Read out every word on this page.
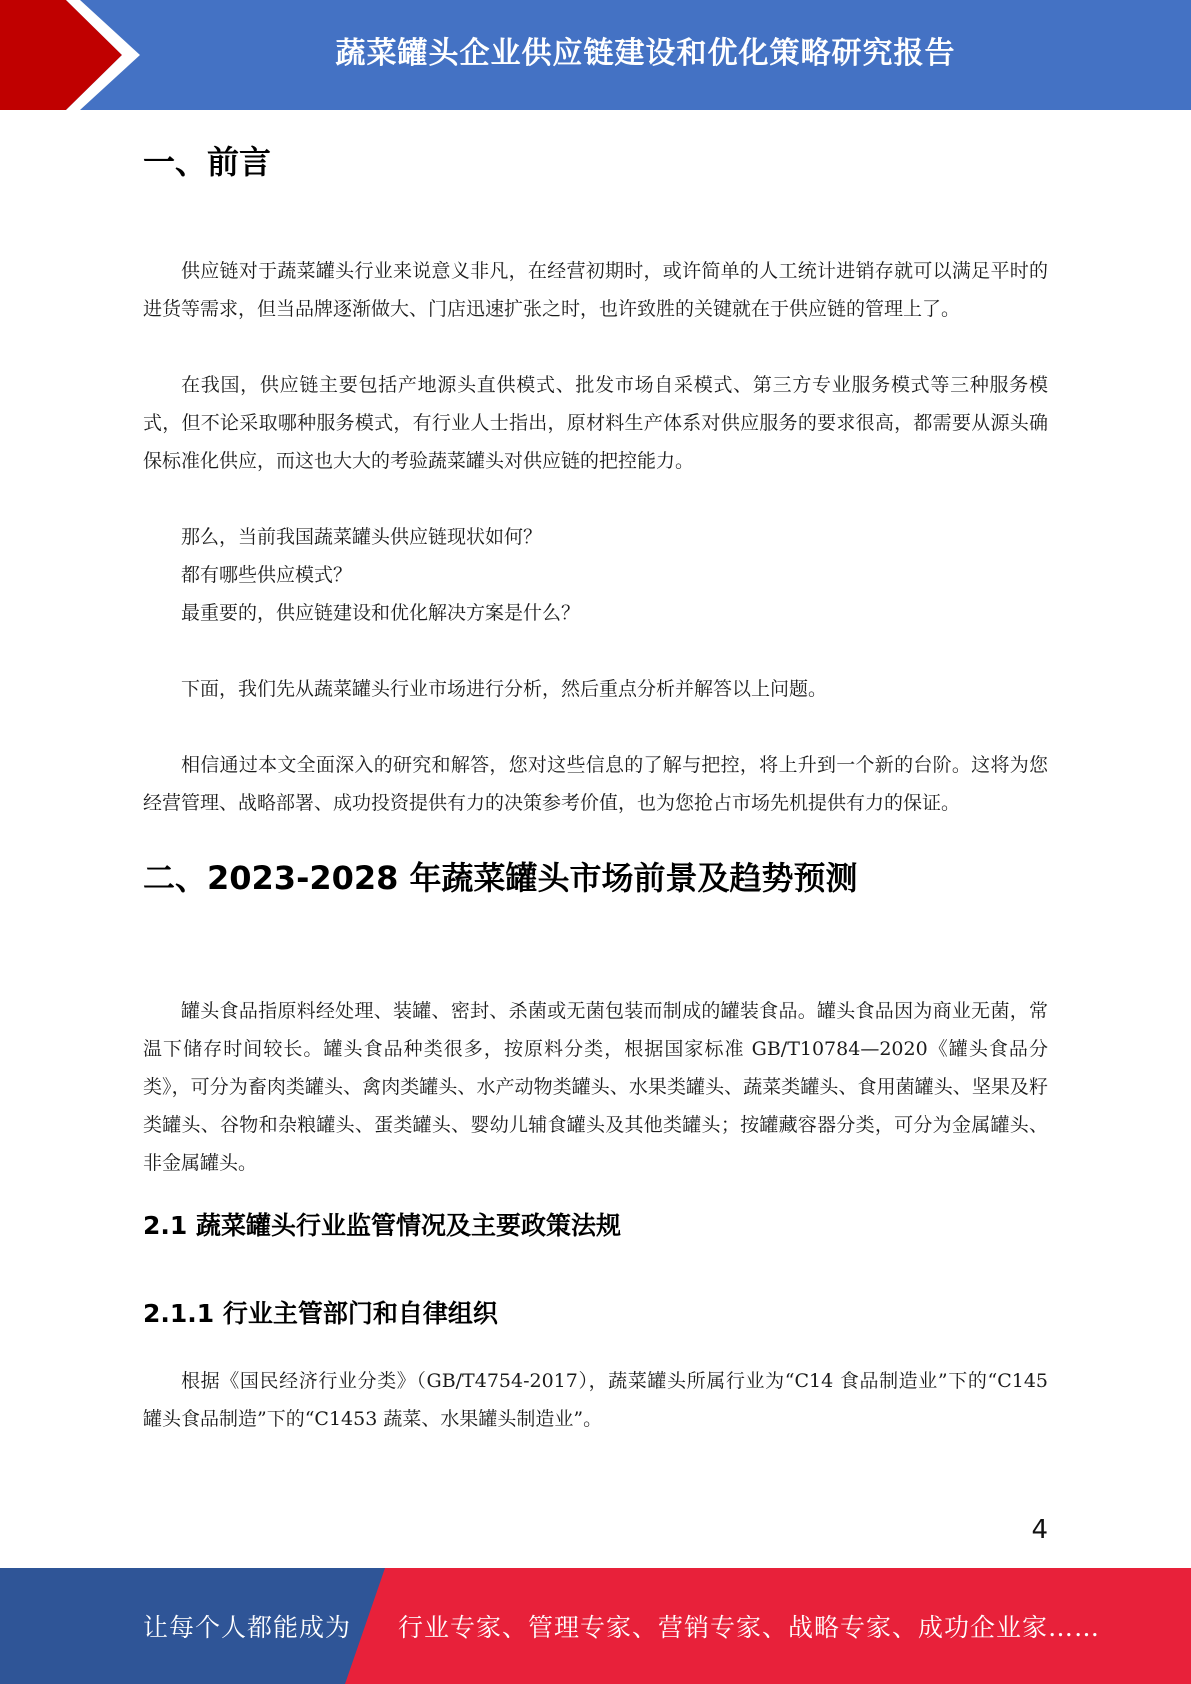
蔬菜罐头企业供应链建设和优化策略研究报告
一、前言

供应链对于蔬菜罐头行业来说意义非凡，在经营初期时，或许简单的人工统计进销存就可以满足平时的进货等需求，但当品牌逐渐做大、门店迅速扩张之时，也许致胜的关键就在于供应链的管理上了。

在我国，供应链主要包括产地源头直供模式、批发市场自采模式、第三方专业服务模式等三种服务模式，但不论采取哪种服务模式，有行业人士指出，原材料生产体系对供应服务的要求很高，都需要从源头确保标准化供应，而这也大大的考验蔬菜罐头对供应链的把控能力。

那么，当前我国蔬菜罐头供应链现状如何？

都有哪些供应模式？

最重要的，供应链建设和优化解决方案是什么？

下面，我们先从蔬菜罐头行业市场进行分析，然后重点分析并解答以上问题。

相信通过本文全面深入的研究和解答，您对这些信息的了解与把控，将上升到一个新的台阶。这将为您经营管理、战略部署、成功投资提供有力的决策参考价值，也为您抢占市场先机提供有力的保证。

二、2023-2028 年蔬菜罐头市场前景及趋势预测

罐头食品指原料经处理、装罐、密封、杀菌或无菌包装而制成的罐装食品。罐头食品因为商业无菌，常温下储存时间较长。罐头食品种类很多，按原料分类，根据国家标准 GB/T10784—2020《罐头食品分类》，可分为畜肉类罐头、禽肉类罐头、水产动物类罐头、水果类罐头、蔬菜类罐头、食用菌罐头、坚果及籽类罐头、谷物和杂粮罐头、蛋类罐头、婴幼儿辅食罐头及其他类罐头；按罐藏容器分类，可分为金属罐头、非金属罐头。

2.1 蔬菜罐头行业监管情况及主要政策法规
2.1.1 行业主管部门和自律组织

根据《国民经济行业分类》（GB/T4754-2017），蔬菜罐头所属行业为“C14 食品制造业”下的“C145 罐头食品制造”下的“C1453 蔬菜、水果罐头制造业”。

4
让每个人都能成为 行业专家、管理专家、营销专家、战略专家、成功企业家……
